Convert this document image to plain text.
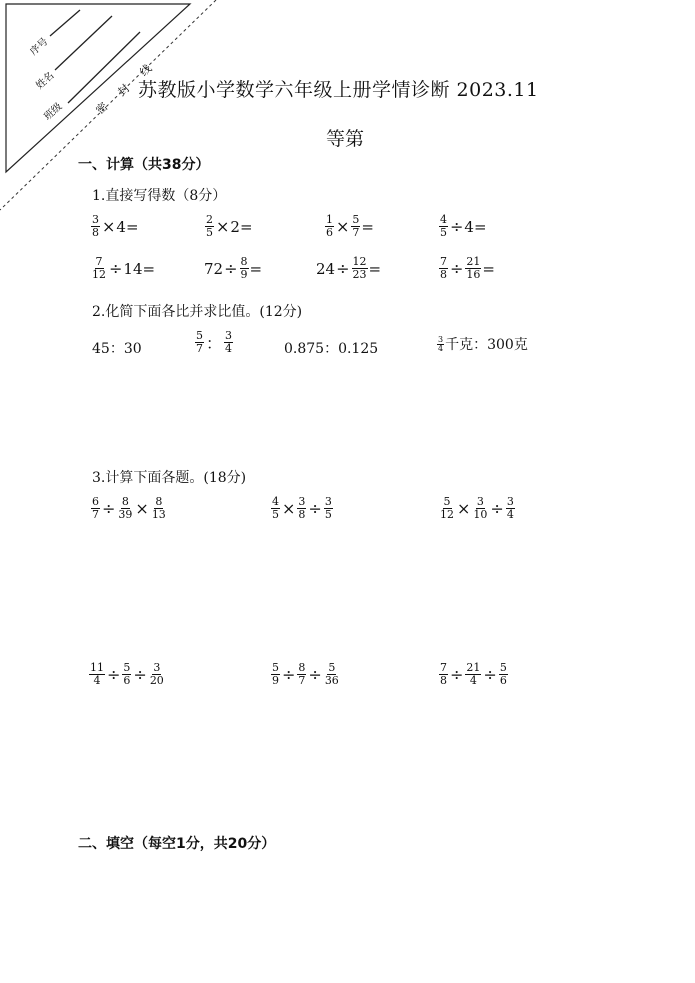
序号
姓名
班级	密
封
线
苏教版小学数学六年级上册学情诊断 2023.11
等第
一、计算（共38分）
1.直接写得数（8分）
$\frac{3}{8} \times 4=$	$\frac{2}{5} \times 2=$	$\frac{1}{6} \times \frac{5}{7}$ =	$\frac{4}{5} \div 4=$
$\frac{7}{12} \div 14=$	$72 \div \frac{8}{9}$ =	$24 \div \frac{12}{23}$ =	$\frac{7}{8} \div \frac{21}{16}$ =
2.化简下面各比并求比值。(12分)
45：30	$\frac{5}{7}$ ： $\frac{3}{4}$	0.875：0.125	$\frac{3}{4}$ 千克：300克
3.计算下面各题。(18分)
$\frac{6}{7} \div \frac{8}{39} \times \frac{8}{13}$	$\frac{4}{5} \times \frac{3}{8} \div \frac{3}{5}$	$\frac{5}{12} \times \frac{3}{10} \div \frac{3}{4}$
$\frac{11}{4} \div \frac{5}{6} \div \frac{3}{20}$	$\frac{5}{9} \div \frac{8}{7} \div \frac{5}{36}$	$\frac{7}{8} \div \frac{21}{4} \div \frac{5}{6}$
二、填空（每空1分，共20分）
